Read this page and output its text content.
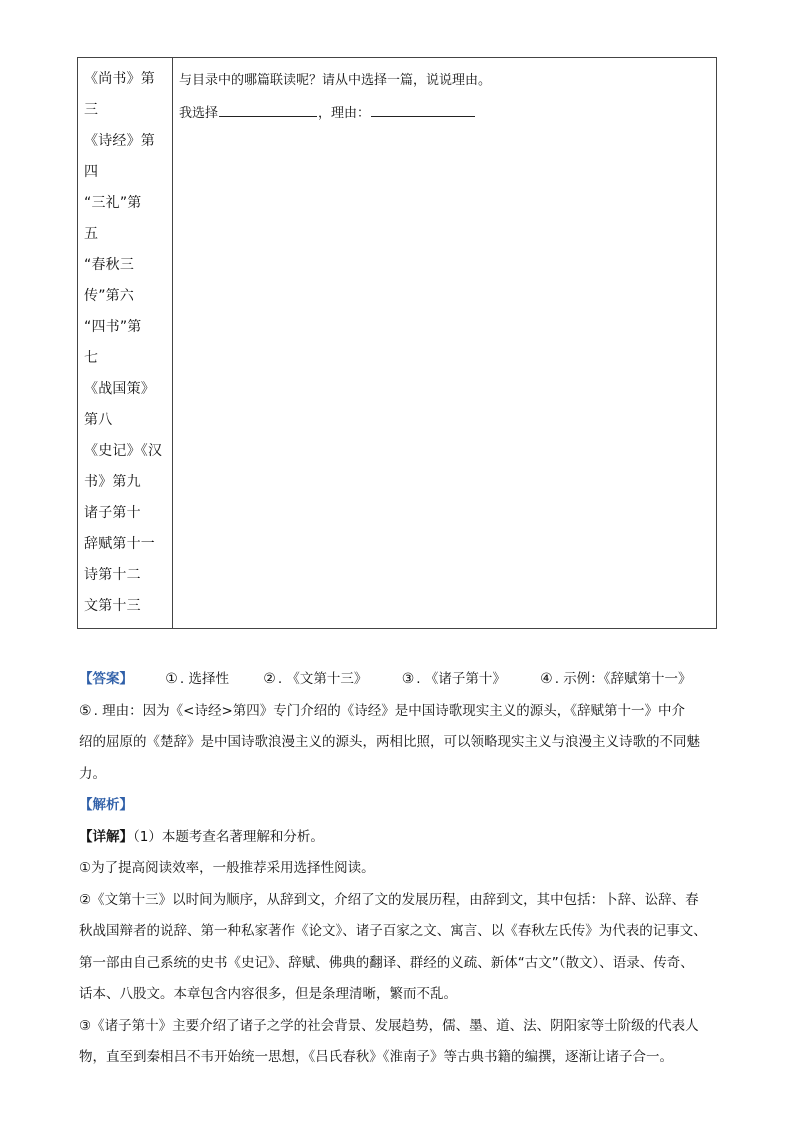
《尚书》第
三
《诗经》第
四
“三礼”第
五
“春秋三
传”第六
“四书”第
七
《战国策》
第八
《史记》《汉
书》第九
诸子第十
辞赋第十一
诗第十二
文第十三
与目录中的哪篇联读呢？请从中选择一篇，说说理由。
我选择	，理由：
【答案】 ① . 选择性 ② . 《文第十三》 ③ . 《诸子第十》 ④ . 示例：《辞赋第十一》
⑤ . 理由：因为《<诗经>第四》专门介绍的《诗经》是中国诗歌现实主义的源头，《辞赋第十一》中介
绍的屈原的《楚辞》是中国诗歌浪漫主义的源头，两相比照，可以领略现实主义与浪漫主义诗歌的不同魅
力。
【解析】
【详解】（1）本题考查名著理解和分析。
①为了提高阅读效率，一般推荐采用选择性阅读。
②《文第十三》以时间为顺序，从辞到文，介绍了文的发展历程，由辞到文，其中包括：卜辞、讼辞、春
秋战国辩者的说辞、第一种私家著作《论文》、诸子百家之文、寓言、以《春秋左氏传》为代表的记事文、
第一部由自己系统的史书《史记》、辞赋、佛典的翻译、群经的义疏、新体“古文”（散文）、语录、传奇、
话本、八股文。本章包含内容很多，但是条理清晰，繁而不乱。
③《诸子第十》主要介绍了诸子之学的社会背景、发展趋势，儒、墨、道、法、阴阳家等士阶级的代表人
物，直至到秦相吕不韦开始统一思想，《吕氏春秋》《淮南子》等古典书籍的编撰，逐渐让诸子合一。
